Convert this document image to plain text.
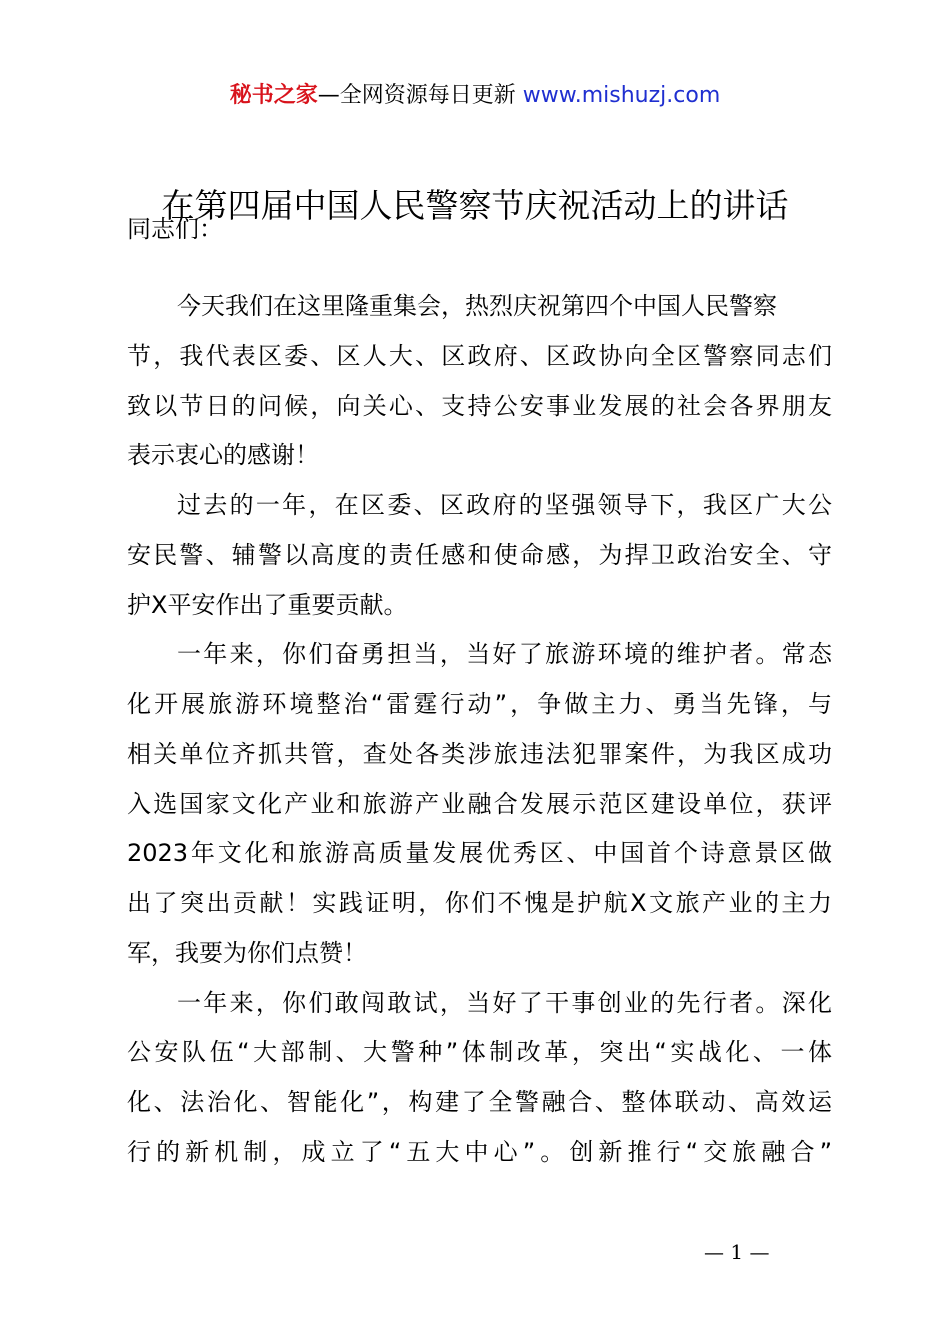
秘书之家—全网资源每日更新 www.mishuzj.com
在第四届中国人民警察节庆祝活动上的讲话
同志们：
今天我们在这里隆重集会，热烈庆祝第四个中国人民警察
节，我代表区委、区人大、区政府、区政协向全区警察同志们
致以节日的问候，向关心、支持公安事业发展的社会各界朋友
表示衷心的感谢！
过去的一年，在区委、区政府的坚强领导下，我区广大公
安民警、辅警以高度的责任感和使命感，为捍卫政治安全、守
护X平安作出了重要贡献。
一年来，你们奋勇担当，当好了旅游环境的维护者。常态
化开展旅游环境整治“雷霆行动”，争做主力、勇当先锋，与
相关单位齐抓共管，查处各类涉旅违法犯罪案件，为我区成功
入选国家文化产业和旅游产业融合发展示范区建设单位，获评
2023年文化和旅游高质量发展优秀区、中国首个诗意景区做
出了突出贡献！实践证明，你们不愧是护航X文旅产业的主力
军，我要为你们点赞！
一年来，你们敢闯敢试，当好了干事创业的先行者。深化
公安队伍“大部制、大警种”体制改革，突出“实战化、一体
化、法治化、智能化”，构建了全警融合、整体联动、高效运
行的新机制，成立了“五大中心”。创新推行“交旅融合”
— 1 —
